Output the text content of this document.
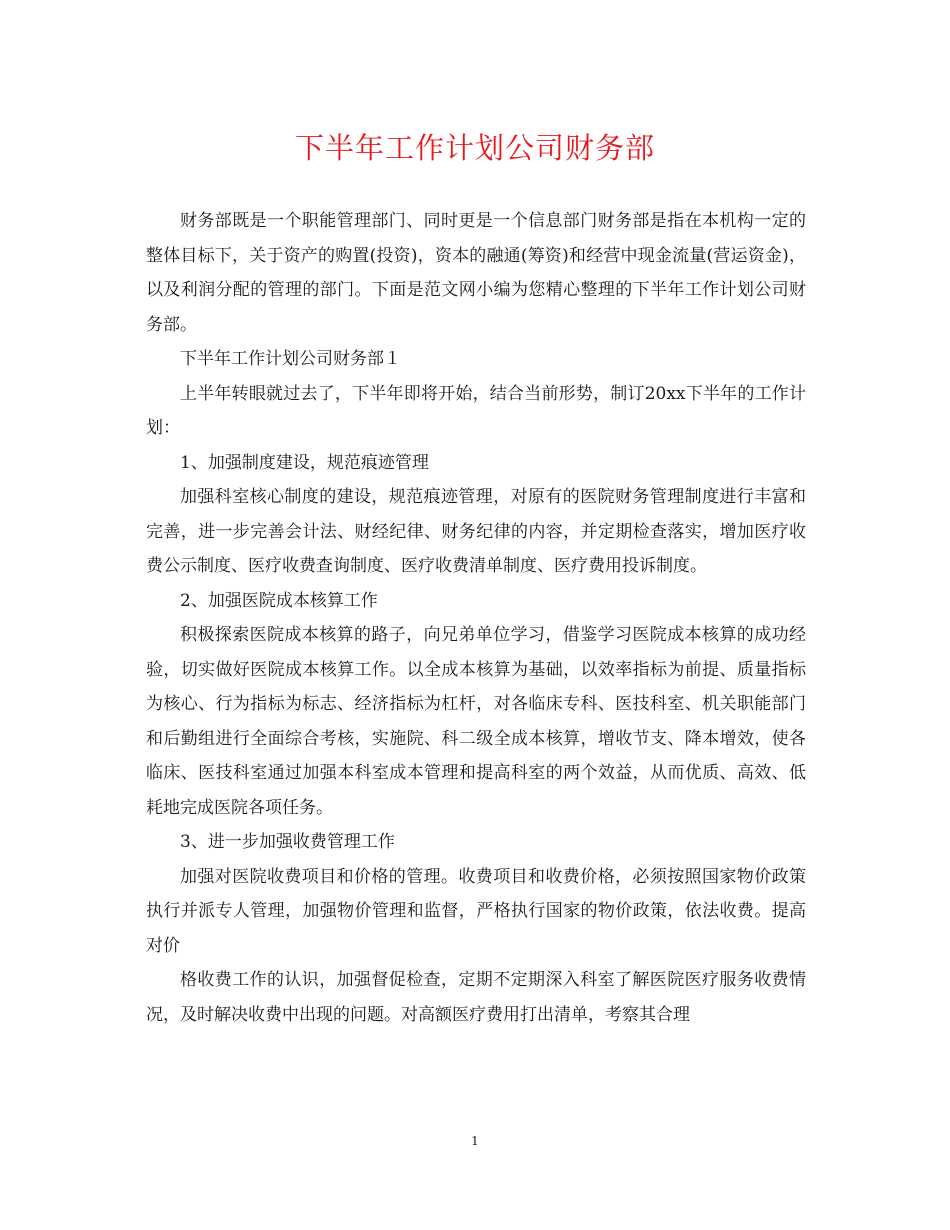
下半年工作计划公司财务部

财务部既是一个职能管理部门、同时更是一个信息部门财务部是指在本机构一定的整体目标下，关于资产的购置(投资)，资本的融通(筹资)和经营中现金流量(营运资金)，以及利润分配的管理的部门。下面是范文网小编为您精心整理的下半年工作计划公司财务部。

下半年工作计划公司财务部１

上半年转眼就过去了，下半年即将开始，结合当前形势，制订20xx下半年的工作计划：

1、加强制度建设，规范痕迹管理

加强科室核心制度的建设，规范痕迹管理，对原有的医院财务管理制度进行丰富和完善，进一步完善会计法、财经纪律、财务纪律的内容，并定期检查落实，增加医疗收费公示制度、医疗收费查询制度、医疗收费清单制度、医疗费用投诉制度。

2、加强医院成本核算工作

积极探索医院成本核算的路子，向兄弟单位学习，借鉴学习医院成本核算的成功经验，切实做好医院成本核算工作。以全成本核算为基础，以效率指标为前提、质量指标为核心、行为指标为标志、经济指标为杠杆，对各临床专科、医技科室、机关职能部门和后勤组进行全面综合考核，实施院、科二级全成本核算，增收节支、降本增效，使各临床、医技科室通过加强本科室成本管理和提高科室的两个效益，从而优质、高效、低耗地完成医院各项任务。

3、进一步加强收费管理工作

加强对医院收费项目和价格的管理。收费项目和收费价格，必须按照国家物价政策执行并派专人管理，加强物价管理和监督，严格执行国家的物价政策，依法收费。提高对价

格收费工作的认识，加强督促检查，定期不定期深入科室了解医院医疗服务收费情况，及时解决收费中出现的问题。对高额医疗费用打出清单，考察其合理

1
